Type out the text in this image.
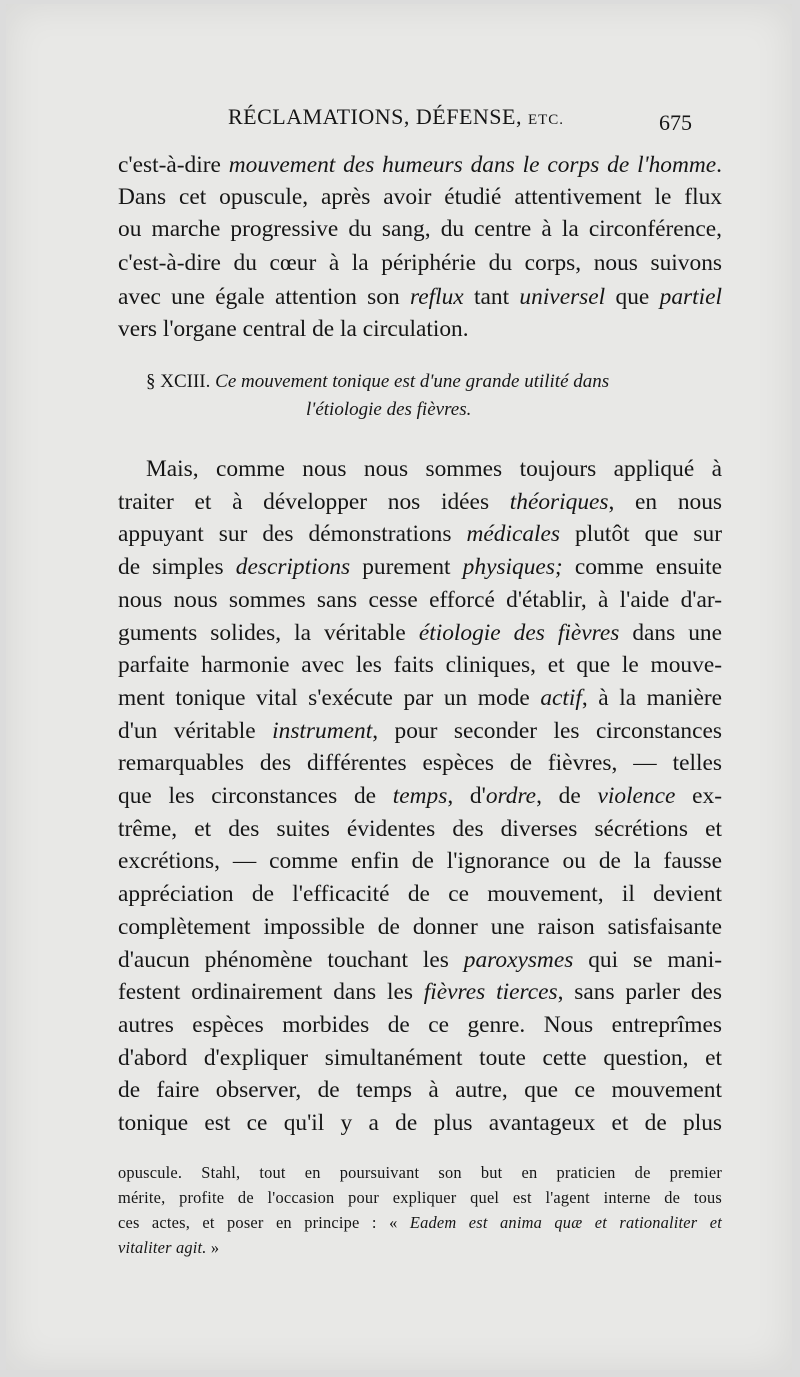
RÉCLAMATIONS, DÉFENSE, ETC.	675
c'est-à-dire mouvement des humeurs dans le corps de l'homme.
Dans cet opuscule, après avoir étudié attentivement le flux
ou marche progressive du sang, du centre à la circonférence,
c'est-à-dire du cœur à la périphérie du corps, nous suivons
avec une égale attention son reflux tant universel que partiel
vers l'organe central de la circulation.
§ XCIII. Ce mouvement tonique est d'une grande utilité dans
l'étiologie des fièvres.
Mais, comme nous nous sommes toujours appliqué à
traiter et à développer nos idées théoriques, en nous
appuyant sur des démonstrations médicales plutôt que sur
de simples descriptions purement physiques; comme ensuite
nous nous sommes sans cesse efforcé d'établir, à l'aide d'ar-
guments solides, la véritable étiologie des fièvres dans une
parfaite harmonie avec les faits cliniques, et que le mouve-
ment tonique vital s'exécute par un mode actif, à la manière
d'un véritable instrument, pour seconder les circonstances
remarquables des différentes espèces de fièvres, — telles
que les circonstances de temps, d'ordre, de violence ex-
trême, et des suites évidentes des diverses sécrétions et
excrétions, — comme enfin de l'ignorance ou de la fausse
appréciation de l'efficacité de ce mouvement, il devient
complètement impossible de donner une raison satisfaisante
d'aucun phénomène touchant les paroxysmes qui se mani-
festent ordinairement dans les fièvres tierces, sans parler des
autres espèces morbides de ce genre. Nous entreprîmes
d'abord d'expliquer simultanément toute cette question, et
de faire observer, de temps à autre, que ce mouvement
tonique est ce qu'il y a de plus avantageux et de plus
opuscule. Stahl, tout en poursuivant son but en praticien de premier
mérite, profite de l'occasion pour expliquer quel est l'agent interne de tous
ces actes, et poser en principe : « Eadem est anima quæ et rationaliter et
vitaliter agit. »
